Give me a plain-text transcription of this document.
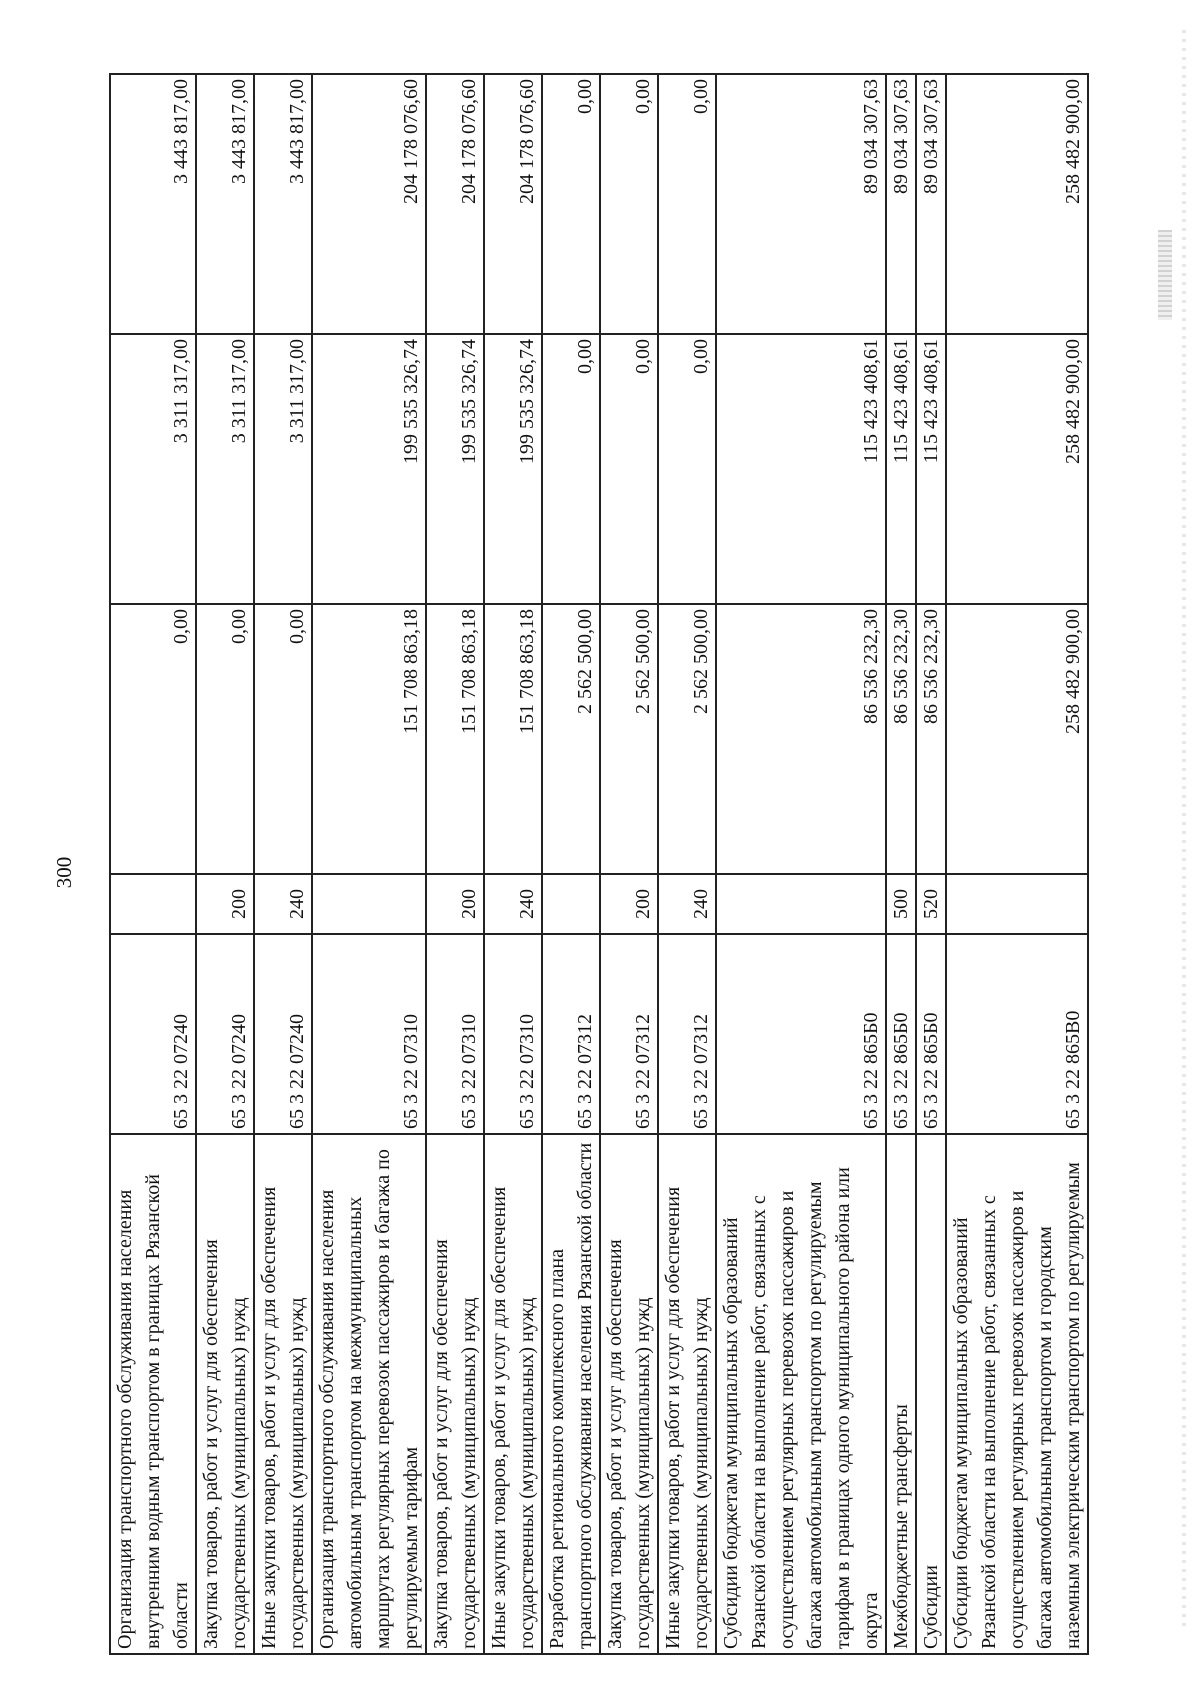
300
Организация транспортного обслуживания населения внутренним водным транспортом в границах Рязанской области	65 3 22 07240		0,00	3 311 317,00	3 443 817,00
Закупка товаров, работ и услуг для обеспечения государственных (муниципальных) нужд	65 3 22 07240	200	0,00	3 311 317,00	3 443 817,00
Иные закупки товаров, работ и услуг для обеспечения государственных (муниципальных) нужд	65 3 22 07240	240	0,00	3 311 317,00	3 443 817,00
Организация транспортного обслуживания населения автомобильным транспортом на межмуниципальных маршрутах регулярных перевозок пассажиров и багажа по регулируемым тарифам	65 3 22 07310		151 708 863,18	199 535 326,74	204 178 076,60
Закупка товаров, работ и услуг для обеспечения государственных (муниципальных) нужд	65 3 22 07310	200	151 708 863,18	199 535 326,74	204 178 076,60
Иные закупки товаров, работ и услуг для обеспечения государственных (муниципальных) нужд	65 3 22 07310	240	151 708 863,18	199 535 326,74	204 178 076,60
Разработка регионального комплексного плана транспортного обслуживания населения Рязанской области	65 3 22 07312		2 562 500,00	0,00	0,00
Закупка товаров, работ и услуг для обеспечения государственных (муниципальных) нужд	65 3 22 07312	200	2 562 500,00	0,00	0,00
Иные закупки товаров, работ и услуг для обеспечения государственных (муниципальных) нужд	65 3 22 07312	240	2 562 500,00	0,00	0,00
Субсидии бюджетам муниципальных образований Рязанской области на выполнение работ, связанных с осуществлением регулярных перевозок пассажиров и багажа автомобильным транспортом по регулируемым тарифам в границах одного муниципального района или округа	65 3 22 865Б0		86 536 232,30	115 423 408,61	89 034 307,63
Межбюджетные трансферты	65 3 22 865Б0	500	86 536 232,30	115 423 408,61	89 034 307,63
Субсидии	65 3 22 865Б0	520	86 536 232,30	115 423 408,61	89 034 307,63
Субсидии бюджетам муниципальных образований Рязанской области на выполнение работ, связанных с осуществлением регулярных перевозок пассажиров и багажа автомобильным транспортом и городским наземным электрическим транспортом по регулируемым	65 3 22 865В0		258 482 900,00	258 482 900,00	258 482 900,00
